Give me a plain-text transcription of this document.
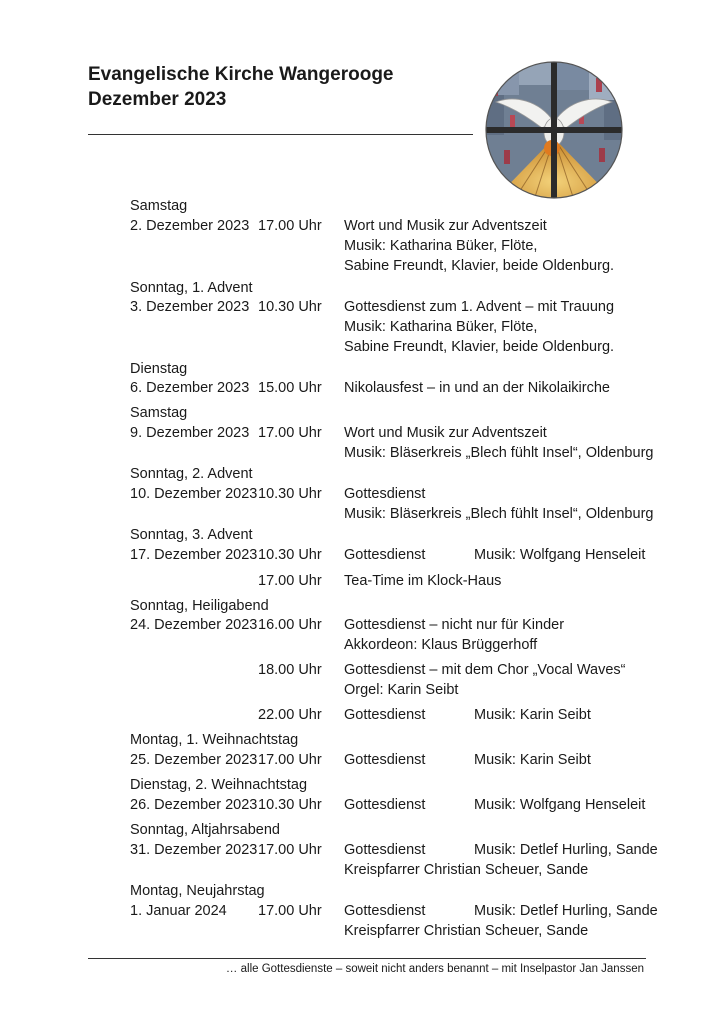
Evangelische Kirche Wangerooge
Dezember 2023
Samstag
2. Dezember 2023 17.00 Uhr Wort und Musik zur Adventszeit
Musik: Katharina Büker, Flöte,
Sabine Freundt, Klavier, beide Oldenburg.
Sonntag, 1. Advent
3. Dezember 2023 10.30 Uhr Gottesdienst zum 1. Advent – mit Trauung
Musik: Katharina Büker, Flöte,
Sabine Freundt, Klavier, beide Oldenburg.
Dienstag
6. Dezember 2023 15.00 Uhr Nikolausfest – in und an der Nikolaikirche
Samstag
9. Dezember 2023 17.00 Uhr Wort und Musik zur Adventszeit
Musik: Bläserkreis „Blech fühlt Insel“, Oldenburg
Sonntag, 2. Advent
10. Dezember 2023 10.30 Uhr Gottesdienst
Musik: Bläserkreis „Blech fühlt Insel“, Oldenburg
Sonntag, 3. Advent
17. Dezember 2023 10.30 Uhr Gottesdienst	Musik: Wolfgang Henseleit
17.00 Uhr Tea-Time im Klock-Haus
Sonntag, Heiligabend
24. Dezember 2023 16.00 Uhr Gottesdienst – nicht nur für Kinder
Akkordeon: Klaus Brüggerhoff
18.00 Uhr Gottesdienst – mit dem Chor „Vocal Waves“
Orgel: Karin Seibt
22.00 Uhr Gottesdienst	Musik: Karin Seibt
Montag, 1. Weihnachtstag
25. Dezember 2023 17.00 Uhr Gottesdienst	Musik: Karin Seibt
Dienstag, 2. Weihnachtstag
26. Dezember 2023 10.30 Uhr Gottesdienst	Musik: Wolfgang Henseleit
Sonntag, Altjahrsabend
31. Dezember 2023 17.00 Uhr Gottesdienst	Musik: Detlef Hurling, Sande
Kreispfarrer Christian Scheuer, Sande
Montag, Neujahrstag
1. Januar 2024 17.00 Uhr Gottesdienst	Musik: Detlef Hurling, Sande
Kreispfarrer Christian Scheuer, Sande
… alle Gottesdienste – soweit nicht anders benannt – mit Inselpastor Jan Janssen
